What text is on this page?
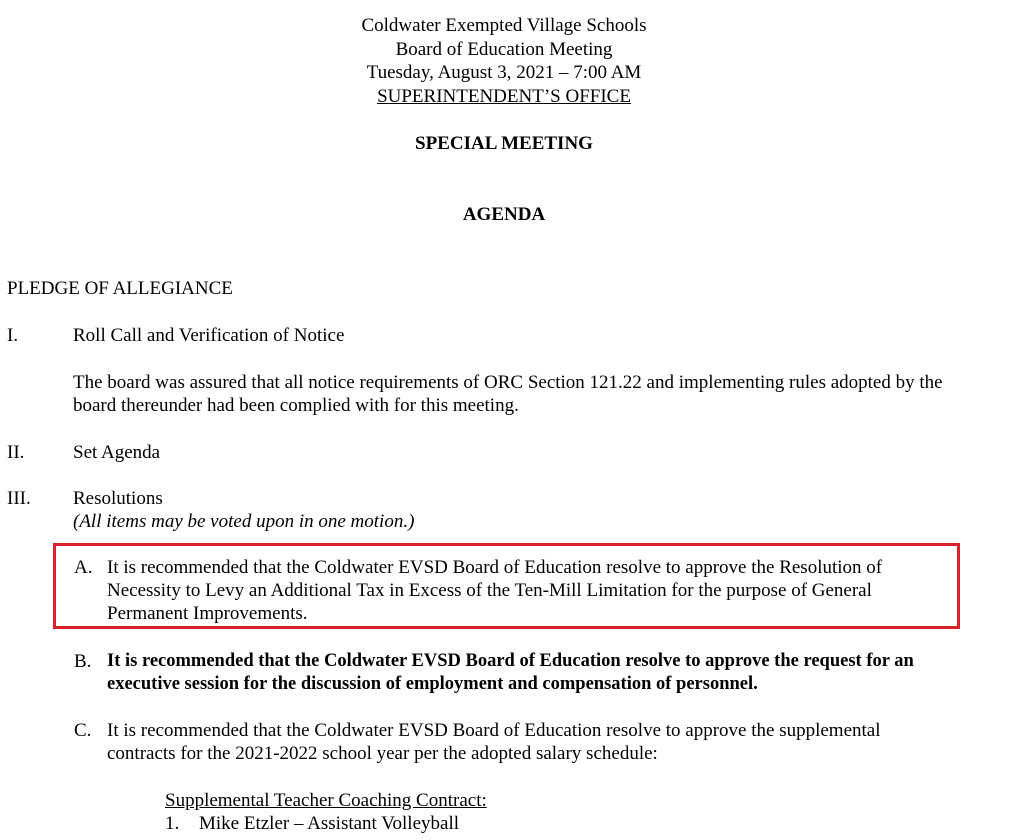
Coldwater Exempted Village Schools
Board of Education Meeting
Tuesday, August 3, 2021 – 7:00 AM
SUPERINTENDENT’S OFFICE
SPECIAL MEETING
AGENDA
PLEDGE OF ALLEGIANCE
I.	Roll Call and Verification of Notice
The board was assured that all notice requirements of ORC Section 121.22 and implementing rules adopted by the
board thereunder had been complied with for this meeting.
II.	Set Agenda
III. Resolutions
(All items may be voted upon in one motion.)
A. It is recommended that the Coldwater EVSD Board of Education resolve to approve the Resolution of
Necessity to Levy an Additional Tax in Excess of the Ten-Mill Limitation for the purpose of General
Permanent Improvements.
B. It is recommended that the Coldwater EVSD Board of Education resolve to approve the request for an
executive session for the discussion of employment and compensation of personnel.
C. It is recommended that the Coldwater EVSD Board of Education resolve to approve the supplemental
contracts for the 2021-2022 school year per the adopted salary schedule:
Supplemental Teacher Coaching Contract:
1. Mike Etzler – Assistant Volleyball
